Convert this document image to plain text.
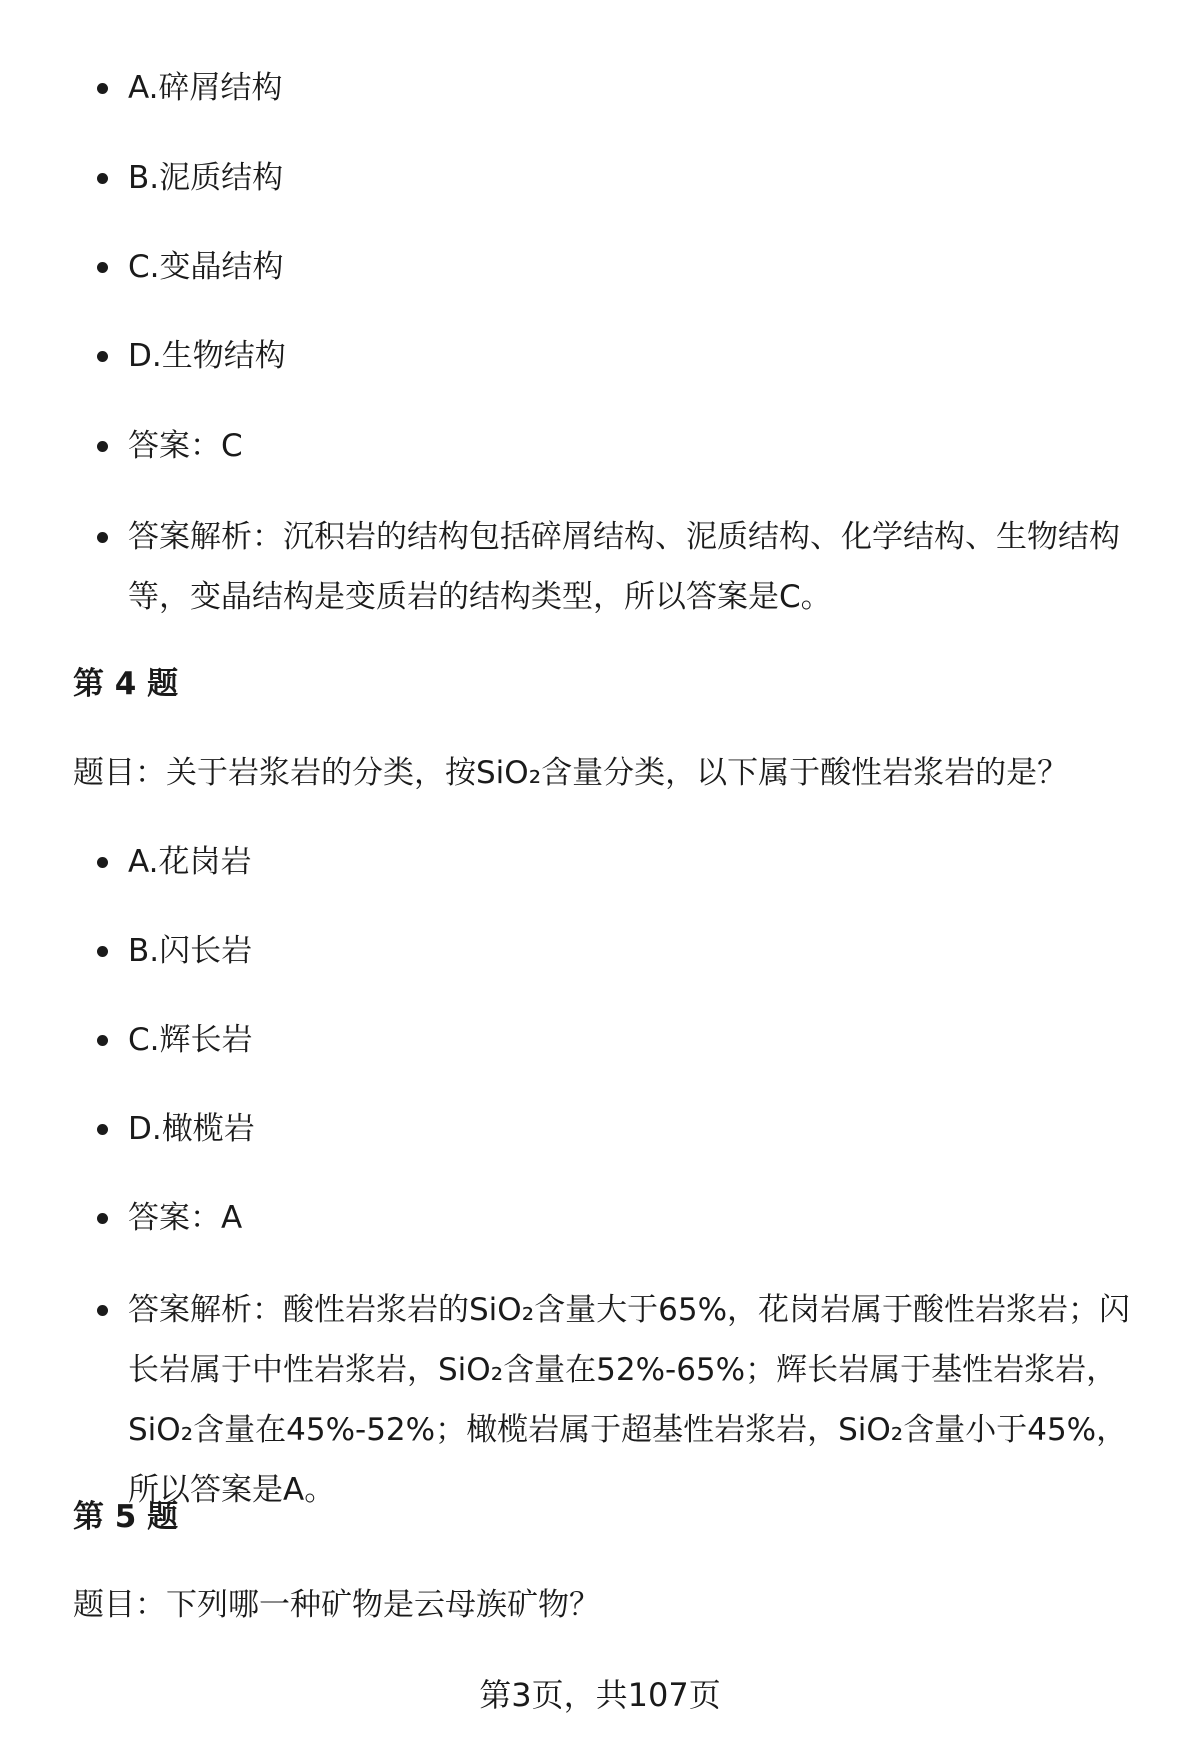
A.碎屑结构
B.泥质结构
C.变晶结构
D.生物结构
答案：C
答案解析：沉积岩的结构包括碎屑结构、泥质结构、化学结构、生物结构等，变晶结构是变质岩的结构类型，所以答案是C。
第 4 题
题目：关于岩浆岩的分类，按SiO₂含量分类，以下属于酸性岩浆岩的是？
A.花岗岩
B.闪长岩
C.辉长岩
D.橄榄岩
答案：A
答案解析：酸性岩浆岩的SiO₂含量大于65%，花岗岩属于酸性岩浆岩；闪长岩属于中性岩浆岩，SiO₂含量在52%-65%；辉长岩属于基性岩浆岩，SiO₂含量在45%-52%；橄榄岩属于超基性岩浆岩，SiO₂含量小于45%，所以答案是A。
第 5 题
题目：下列哪一种矿物是云母族矿物？
第3页，共107页
